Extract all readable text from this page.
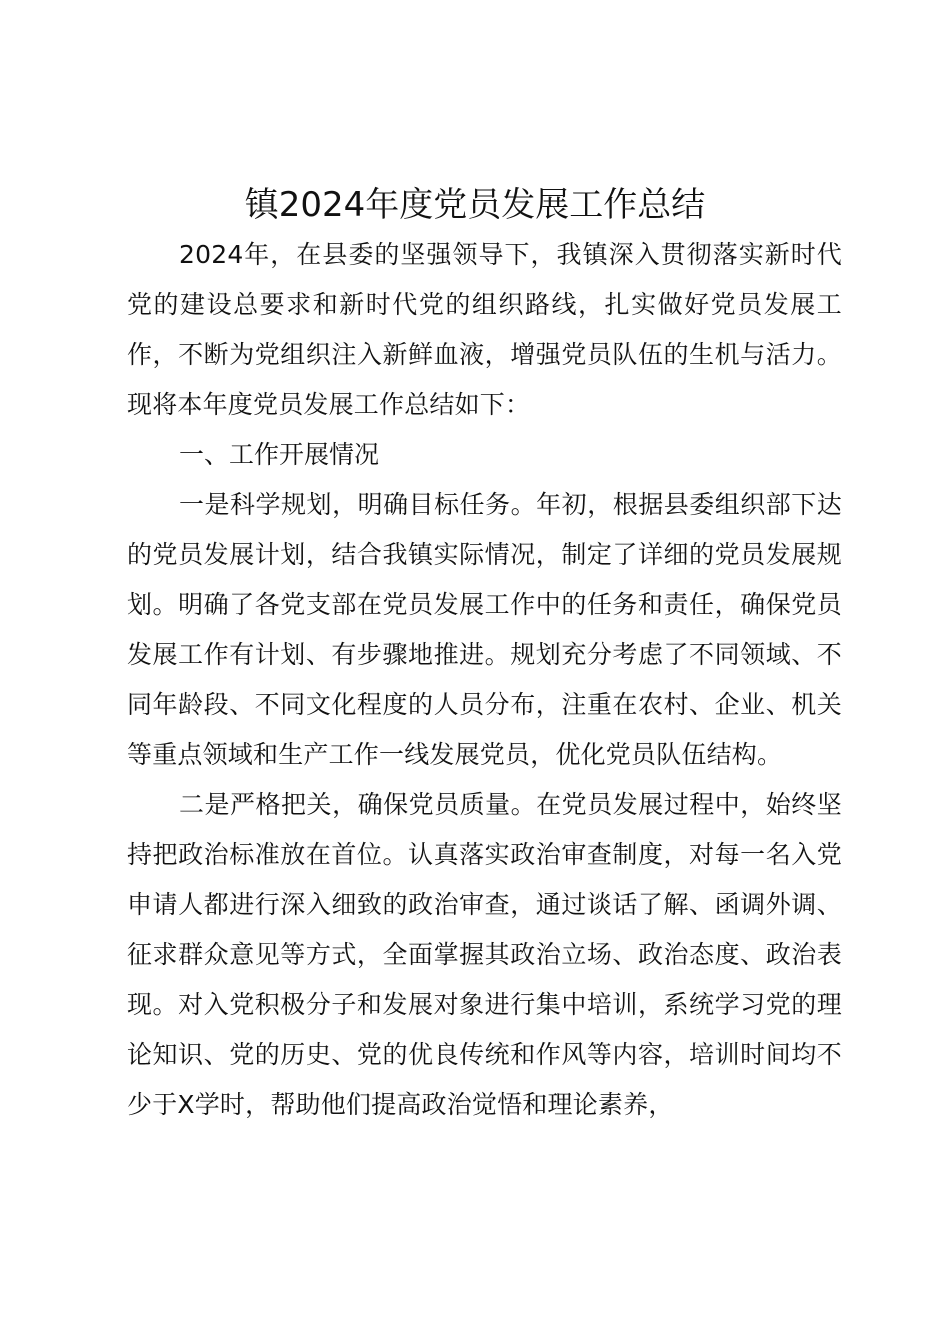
镇2024年度党员发展工作总结

2024年，在县委的坚强领导下，我镇深入贯彻落实新时代党的建设总要求和新时代党的组织路线，扎实做好党员发展工作，不断为党组织注入新鲜血液，增强党员队伍的生机与活力。现将本年度党员发展工作总结如下：

一、工作开展情况

一是科学规划，明确目标任务。年初，根据县委组织部下达的党员发展计划，结合我镇实际情况，制定了详细的党员发展规划。明确了各党支部在党员发展工作中的任务和责任，确保党员发展工作有计划、有步骤地推进。规划充分考虑了不同领域、不同年龄段、不同文化程度的人员分布，注重在农村、企业、机关等重点领域和生产工作一线发展党员，优化党员队伍结构。

二是严格把关，确保党员质量。在党员发展过程中，始终坚持把政治标准放在首位。认真落实政治审查制度，对每一名入党申请人都进行深入细致的政治审查，通过谈话了解、函调外调、征求群众意见等方式，全面掌握其政治立场、政治态度、政治表现。对入党积极分子和发展对象进行集中培训，系统学习党的理论知识、党的历史、党的优良传统和作风等内容，培训时间均不少于X学时，帮助他们提高政治觉悟和理论素养，
